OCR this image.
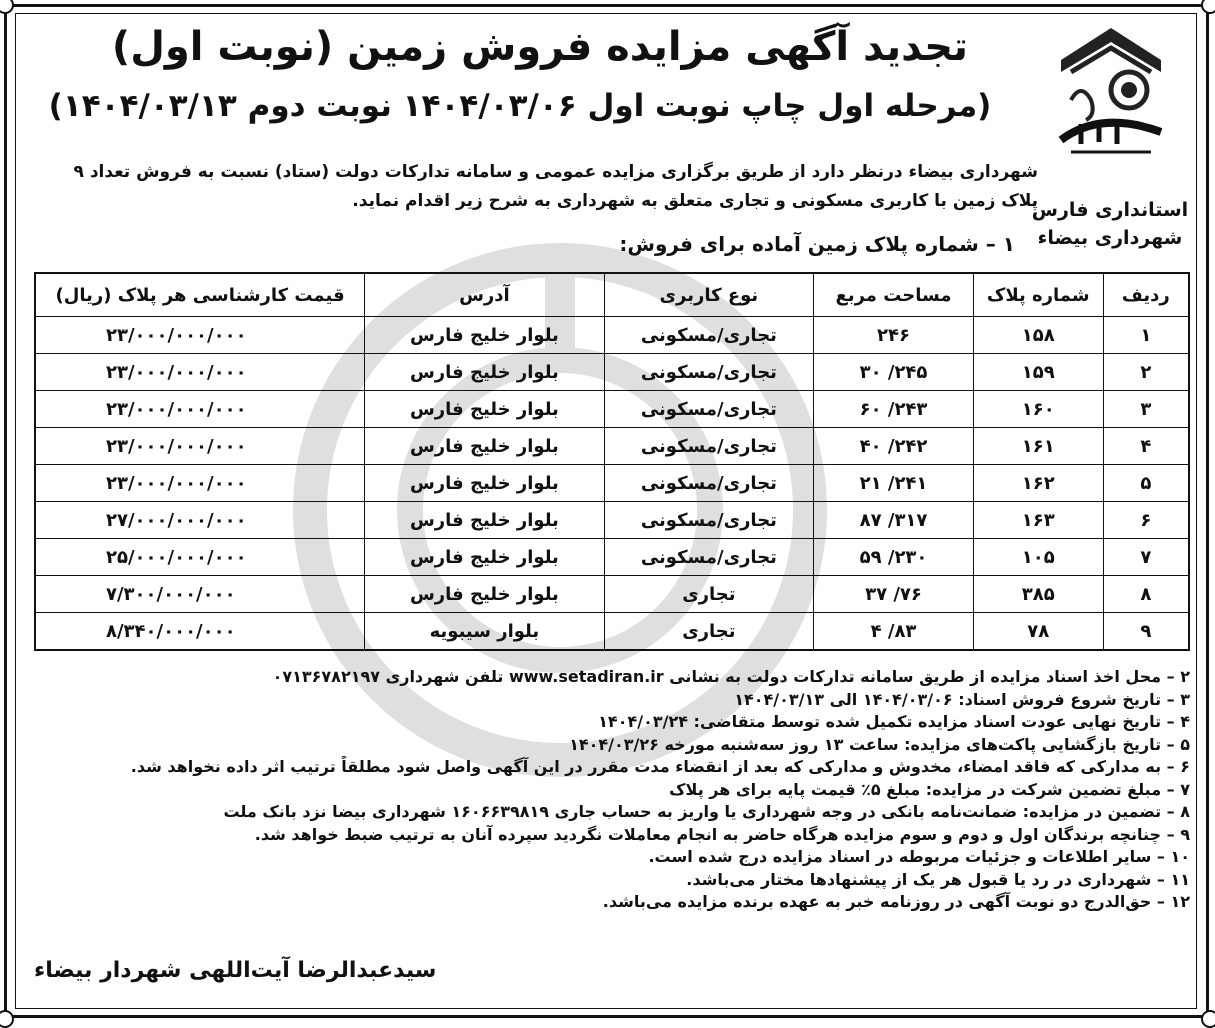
استانداری فارس
شهرداری بیضاء
تجدید آگهی مزایده فروش زمین (نوبت اول)
(مرحله اول چاپ نوبت اول ۱۴۰۴/۰۳/۰۶ نوبت دوم ۱۴۰۴/۰۳/۱۳)
شهرداری بیضاء درنظر دارد از طریق برگزاری مزایده عمومی و سامانه تدارکات دولت (ستاد) نسبت به فروش تعداد ۹ پلاک زمین با کاربری مسکونی و تجاری متعلق به شهرداری به شرح زیر اقدام نماید.
۱ – شماره پلاک زمین آماده برای فروش:
ردیف	شماره پلاک	مساحت مربع	نوع کاربری	آدرس	قیمت کارشناسی هر پلاک (ریال)
۱	۱۵۸	۲۴۶	تجاری/مسکونی	بلوار خلیج فارس	۲۳/۰۰۰/۰۰۰/۰۰۰
۲	۱۵۹	۲۴۵/ ۳۰	تجاری/مسکونی	بلوار خلیج فارس	۲۳/۰۰۰/۰۰۰/۰۰۰
۳	۱۶۰	۲۴۳/ ۶۰	تجاری/مسکونی	بلوار خلیج فارس	۲۳/۰۰۰/۰۰۰/۰۰۰
۴	۱۶۱	۲۴۲/ ۴۰	تجاری/مسکونی	بلوار خلیج فارس	۲۳/۰۰۰/۰۰۰/۰۰۰
۵	۱۶۲	۲۴۱/ ۲۱	تجاری/مسکونی	بلوار خلیج فارس	۲۳/۰۰۰/۰۰۰/۰۰۰
۶	۱۶۳	۳۱۷/ ۸۷	تجاری/مسکونی	بلوار خلیج فارس	۲۷/۰۰۰/۰۰۰/۰۰۰
۷	۱۰۵	۲۳۰/ ۵۹	تجاری/مسکونی	بلوار خلیج فارس	۲۵/۰۰۰/۰۰۰/۰۰۰
۸	۳۸۵	۷۶/ ۳۷	تجاری	بلوار خلیج فارس	۷/۳۰۰/۰۰۰/۰۰۰
۹	۷۸	۸۳/ ۴	تجاری	بلوار سیبویه	۸/۳۴۰/۰۰۰/۰۰۰
۲ – محل اخذ اسناد مزایده از طریق سامانه تدارکات دولت به نشانی www.setadiran.ir تلفن شهرداری ۰۷۱۳۶۷۸۲۱۹۷
۳ – تاریخ شروع فروش اسناد: ۱۴۰۴/۰۳/۰۶ الی ۱۴۰۴/۰۳/۱۳
۴ – تاریخ نهایی عودت اسناد مزایده تکمیل شده توسط متقاضی: ۱۴۰۴/۰۳/۲۴
۵ – تاریخ بازگشایی پاکت‌های مزایده: ساعت ۱۳ روز سه‌شنبه مورخه ۱۴۰۴/۰۳/۲۶
۶ – به مدارکی که فاقد امضاء، مخدوش و مدارکی که بعد از انقضاء مدت مقرر در این آگهی واصل شود مطلقاً ترتیب اثر داده نخواهد شد.
۷ – مبلغ تضمین شرکت در مزایده: مبلغ ۵٪ قیمت پایه برای هر پلاک
۸ – تضمین در مزایده: ضمانت‌نامه بانکی در وجه شهرداری یا واریز به حساب جاری ۱۶۰۶۶۳۹۸۱۹ شهرداری بیضا نزد بانک ملت
۹ – چنانچه برندگان اول و دوم و سوم مزایده هرگاه حاضر به انجام معاملات نگردید سپرده آنان به ترتیب ضبط خواهد شد.
۱۰ – سایر اطلاعات و جزئیات مربوطه در اسناد مزایده درج شده است.
۱۱ – شهرداری در رد یا قبول هر یک از پیشنهادها مختار می‌باشد.
۱۲ – حق‌الدرج دو نوبت آگهی در روزنامه خبر به عهده برنده مزایده می‌باشد.
سیدعبدالرضا آیت‌اللهی شهردار بیضاء
